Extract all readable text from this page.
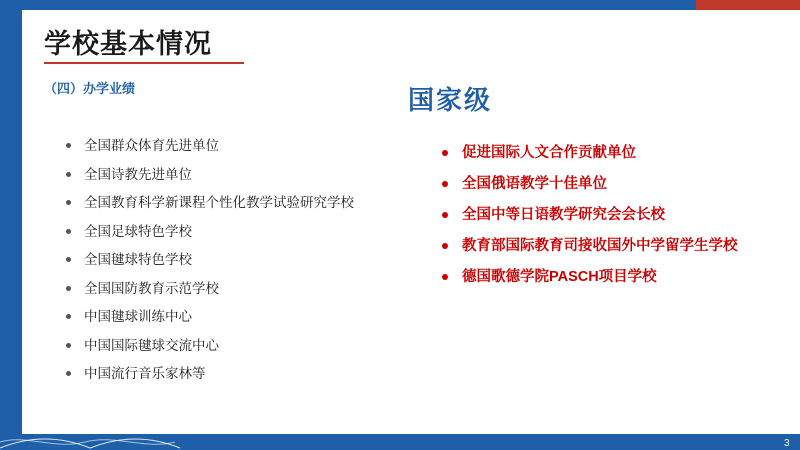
学校基本情况
（四）办学业绩	国家级
全国群众体育先进单位
全国诗教先进单位
全国教育科学新课程个性化教学试验研究学校
全国足球特色学校
全国毽球特色学校
全国国防教育示范学校
中国毽球训练中心
中国国际毽球交流中心
中国流行音乐家林等
促进国际人文合作贡献单位
全国俄语教学十佳单位
全国中等日语教学研究会会长校
教育部国际教育司接收国外中学留学生学校
德国歌德学院PASCH项目学校
3
